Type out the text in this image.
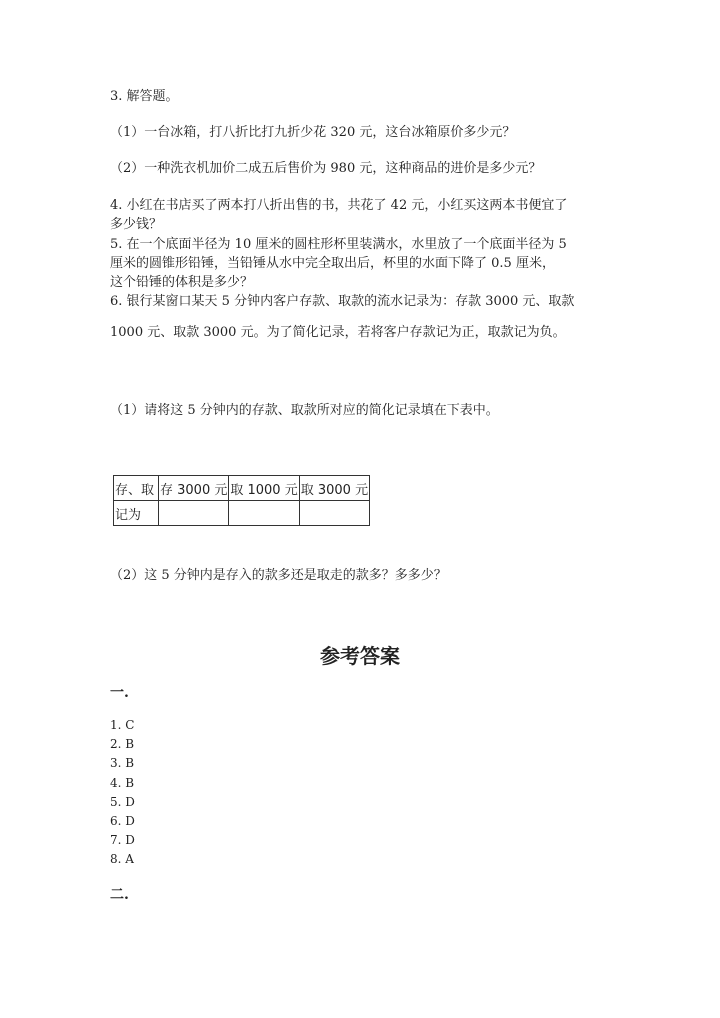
3. 解答题。
（1）一台冰箱，打八折比打九折少花 320 元，这台冰箱原价多少元？
（2）一种洗衣机加价二成五后售价为 980 元，这种商品的进价是多少元？
4. 小红在书店买了两本打八折出售的书，共花了 42 元，小红买这两本书便宜了
多少钱？
5. 在一个底面半径为 10 厘米的圆柱形杯里装满水，水里放了一个底面半径为 5
厘米的圆锥形铅锤，当铅锤从水中完全取出后，杯里的水面下降了 0.5 厘米，
这个铅锤的体积是多少？
6. 银行某窗口某天 5 分钟内客户存款、取款的流水记录为：存款 3000 元、取款
1000 元、取款 3000 元。为了简化记录，若将客户存款记为正，取款记为负。
（1）请将这 5 分钟内的存款、取款所对应的简化记录填在下表中。
存、取	存 3000 元	取 1000 元	取 3000 元
记为			
（2）这 5 分钟内是存入的款多还是取走的款多？多多少？
参考答案
一.
1. C
2. B
3. B
4. B
5. D
6. D
7. D
8. A
二.
